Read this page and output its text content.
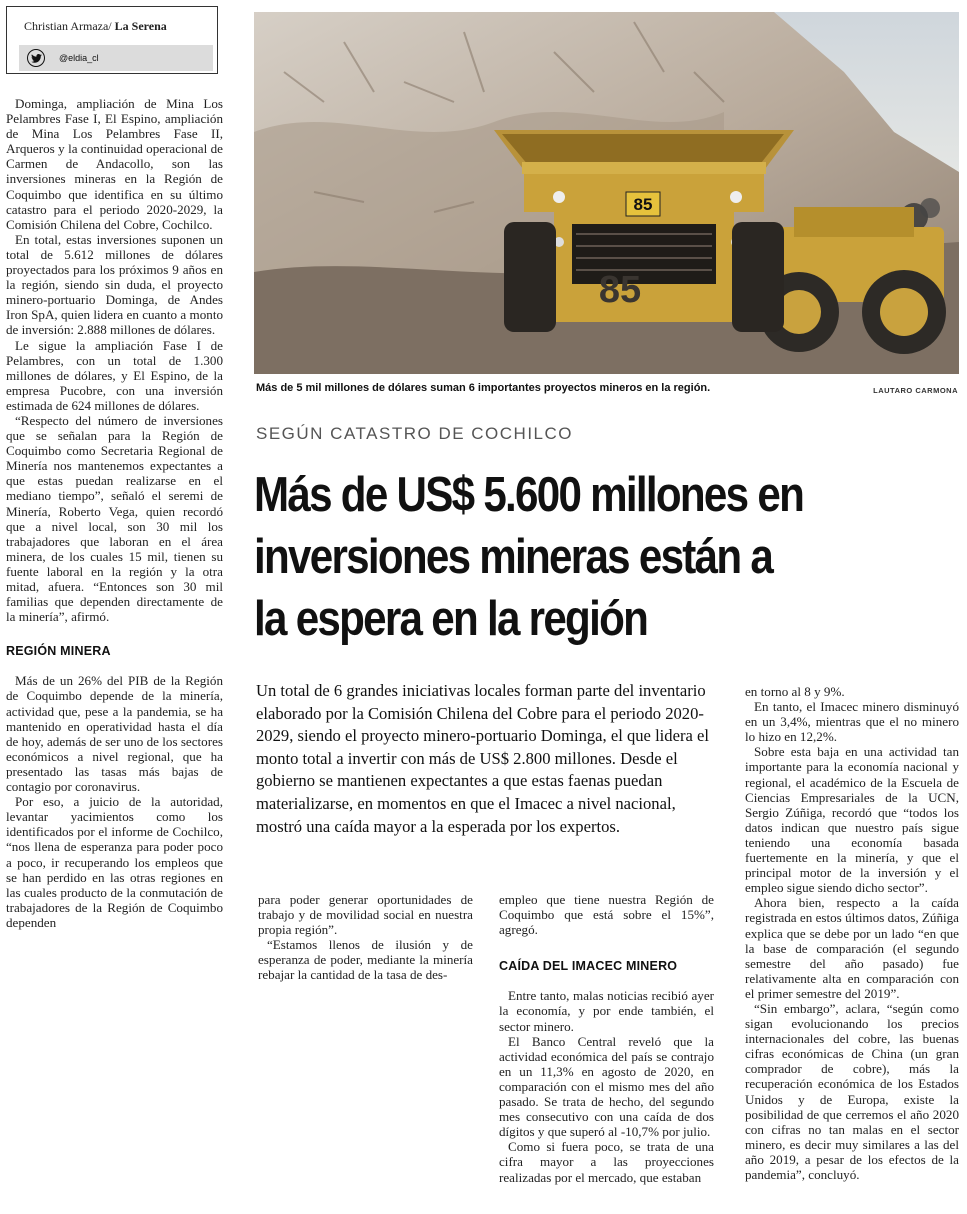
Christian Armaza/ La Serena
@eldia_cl

Dominga, ampliación de Mina Los Pelambres Fase I, El Espino, ampliación de Mina Los Pelambres Fase II, Arqueros y la continuidad operacional de Carmen de Andacollo, son las inversiones mineras en la Región de Coquimbo que identifica en su último catastro para el periodo 2020-2029, la Comisión Chilena del Cobre, Cochilco.

En total, estas inversiones suponen un total de 5.612 millones de dólares proyectados para los próximos 9 años en la región, siendo sin duda, el proyecto minero-portuario Dominga, de Andes Iron SpA, quien lidera en cuanto a monto de inversión: 2.888 millones de dólares.

Le sigue la ampliación Fase I de Pelambres, con un total de 1.300 millones de dólares, y El Espino, de la empresa Pucobre, con una inversión estimada de 624 millones de dólares.

“Respecto del número de inversiones que se señalan para la Región de Coquimbo como Secretaria Regional de Minería nos mantenemos expectantes a que estas puedan realizarse en el mediano tiempo”, señaló el seremi de Minería, Roberto Vega, quien recordó que a nivel local, son 30 mil los trabajadores que laboran en el área minera, de los cuales 15 mil, tienen su fuente laboral en la región y la otra mitad, afuera. “Entonces son 30 mil familias que dependen directamente de la minería”, afirmó.

REGIÓN MINERA

Más de un 26% del PIB de la Región de Coquimbo depende de la minería, actividad que, pese a la pandemia, se ha mantenido en operatividad hasta el día de hoy, además de ser uno de los sectores económicos a nivel regional, que ha presentado las tasas más bajas de contagio por coronavirus.

Por eso, a juicio de la autoridad, levantar yacimientos como los identificados por el informe de Cochilco, “nos llena de esperanza para poder poco a poco, ir recuperando los empleos que se han perdido en las otras regiones en las cuales producto de la conmutación de trabajadores de la Región de Coquimbo dependen

85
85
Más de 5 mil millones de dólares suman 6 importantes proyectos mineros en la región.	LAUTARO CARMONA
SEGÚN CATASTRO DE COCHILCO
Más de US$ 5.600 millones en inversiones mineras están a la espera en la región
Un total de 6 grandes iniciativas locales forman parte del inventario elaborado por la Comisión Chilena del Cobre para el periodo 2020-2029, siendo el proyecto minero-portuario Dominga, el que lidera el monto total a invertir con más de US$ 2.800 millones. Desde el gobierno se mantienen expectantes a que estas faenas puedan materializarse, en momentos en que el Imacec a nivel nacional, mostró una caída mayor a la esperada por los expertos.

para poder generar oportunidades de trabajo y de movilidad social en nuestra propia región”.

“Estamos llenos de ilusión y de esperanza de poder, mediante la minería rebajar la cantidad de la tasa de des-

empleo que tiene nuestra Región de Coquimbo que está sobre el 15%”, agregó.

CAÍDA DEL IMACEC MINERO

Entre tanto, malas noticias recibió ayer la economía, y por ende también, el sector minero.

El Banco Central reveló que la actividad económica del país se contrajo en un 11,3% en agosto de 2020, en comparación con el mismo mes del año pasado. Se trata de hecho, del segundo mes consecutivo con una caída de dos dígitos y que superó al -10,7% por julio.

Como si fuera poco, se trata de una cifra mayor a las proyecciones realizadas por el mercado, que estaban

en torno al 8 y 9%.

En tanto, el Imacec minero disminuyó en un 3,4%, mientras que el no minero lo hizo en 12,2%.

Sobre esta baja en una actividad tan importante para la economía nacional y regional, el académico de la Escuela de Ciencias Empresariales de la UCN, Sergio Zúñiga, recordó que “todos los datos indican que nuestro país sigue teniendo una economía basada fuertemente en la minería, y que el principal motor de la inversión y el empleo sigue siendo dicho sector”.

Ahora bien, respecto a la caída registrada en estos últimos datos, Zúñiga explica que se debe por un lado “en que la base de comparación (el segundo semestre del año pasado) fue relativamente alta en comparación con el primer semestre del 2019”.

“Sin embargo”, aclara, “según como sigan evolucionando los precios internacionales del cobre, las buenas cifras económicas de China (un gran comprador de cobre), más la recuperación económica de los Estados Unidos y de Europa, existe la posibilidad de que cerremos el año 2020 con cifras no tan malas en el sector minero, es decir muy similares a las del año 2019, a pesar de los efectos de la pandemia”, concluyó.
